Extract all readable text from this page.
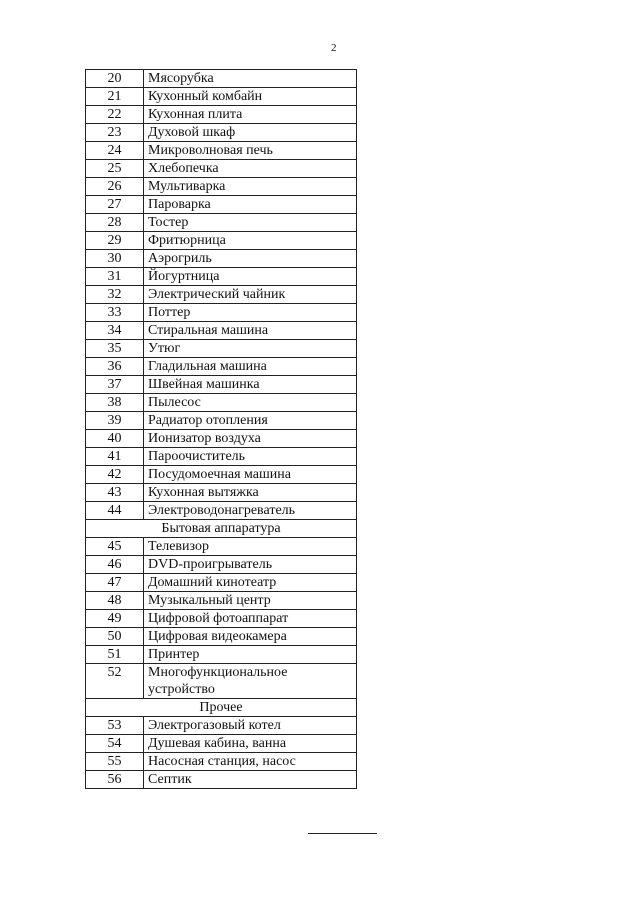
2
20	Мясорубка
21	Кухонный комбайн
22	Кухонная плита
23	Духовой шкаф
24	Микроволновая печь
25	Хлебопечка
26	Мультиварка
27	Пароварка
28	Тостер
29	Фритюрница
30	Аэрогриль
31	Йогуртница
32	Электрический чайник
33	Поттер
34	Стиральная машина
35	Утюг
36	Гладильная машина
37	Швейная машинка
38	Пылесос
39	Радиатор отопления
40	Ионизатор воздуха
41	Пароочиститель
42	Посудомоечная машина
43	Кухонная вытяжка
44	Электроводонагреватель
Бытовая аппаратура	
45	Телевизор
46	DVD-проигрыватель
47	Домашний кинотеатр
48	Музыкальный центр
49	Цифровой фотоаппарат
50	Цифровая видеокамера
51	Принтер
52	Многофункциональное
устройство

Прочее	
53	Электрогазовый котел
54	Душевая кабина, ванна
55	Насосная станция, насос
56	Септик
